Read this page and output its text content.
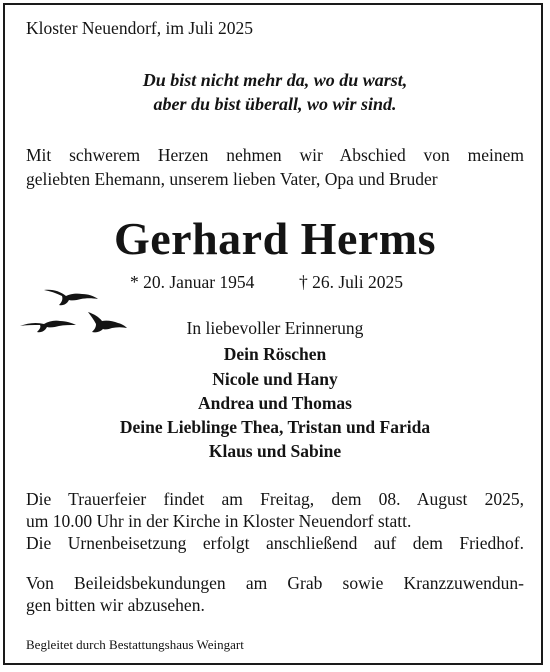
Kloster Neuendorf, im Juli 2025

Du bist nicht mehr da, wo du warst,

aber du bist überall, wo wir sind.

Mit schwerem Herzen nehmen wir Abschied von meinem
geliebten Ehemann, unserem lieben Vater, Opa und Bruder
Gerhard Herms
* 20. Januar 1954	† 26. Juli 2025

In liebevoller Erinnerung

Dein Röschen

Nicole und Hany

Andrea und Thomas

Deine Lieblinge Thea, Tristan und Farida

Klaus und Sabine

Die Trauerfeier findet am Freitag, dem 08. August 2025,
um 10.00 Uhr in der Kirche in Kloster Neuendorf statt.
Die Urnenbeisetzung erfolgt anschließend auf dem Friedhof.
Von Beileidsbekundungen am Grab sowie Kranzzuwendun-
gen bitten wir abzusehen.

Begleitet durch Bestattungshaus Weingart
